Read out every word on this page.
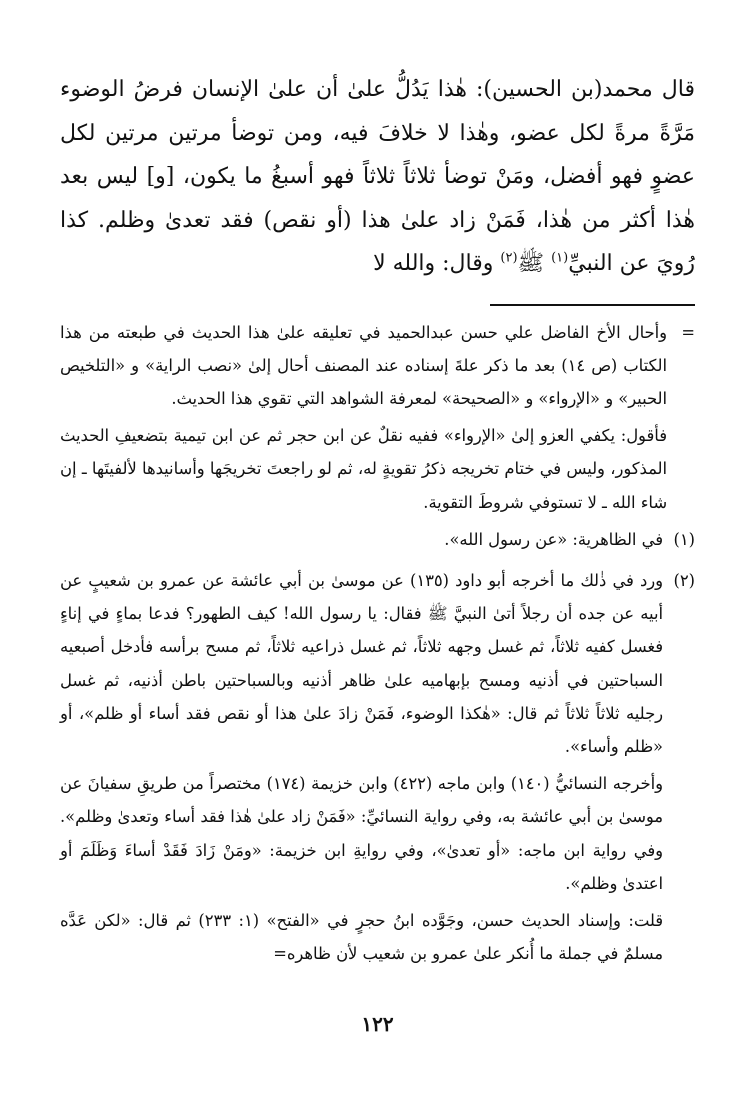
قال محمد(بن الحسين): هٰذا يَدُلُّ علىٰ أن علىٰ الإنسان فرضُ الوضوء مَرَّةً مرةً لكل عضو، وهٰذا لا خلافَ فيه، ومن توضأ مرتين مرتين لكل عضوٍ فهو أفضل، ومَنْ توضأ ثلاثاً ثلاثاً فهو أسبغُ ما يكون، [و] ليس بعد هٰذا أكثر من هٰذا، فَمَنْ زاد علىٰ هذا (أو نقص) فقد تعدىٰ وظلم. كذا رُويَ عن النبيِّ$^{(١)}$ ﷺ$^{(٢)}$ وقال: والله لا

=

وأحال الأخ الفاضل علي حسن عبدالحميد في تعليقه علىٰ هذا الحديث في طبعته من هذا الكتاب (ص ١٤) بعد ما ذكر علةَ إسناده عند المصنف أحال إلىٰ «نصب الراية» و «التلخيص الحبير» و «الإرواء» و «الصحيحة» لمعرفة الشواهد التي تقوي هذا الحديث.

فأقول: يكفي العزو إلىٰ «الإرواء» ففيه نقلٌ عن ابن حجر ثم عن ابن تيمية بتضعيفِ الحديث المذكور، وليس في ختام تخريجه ذكرُ تقويةٍ له، ثم لو راجعتَ تخريجَها وأسانيدها لألفيتَها ـ إن شاء الله ـ لا تستوفي شروطَ التقوية.

(١)

في الظاهرية: «عن رسول الله».

(٢)

ورد في ذٰلك ما أخرجه أبو داود (١٣٥) عن موسىٰ بن أبي عائشة عن عمرو بن شعيبٍ عن أبيه عن جده أن رجلاً أتىٰ النبيَّ ﷺ فقال: يا رسول الله! كيف الطهور؟ فدعا بماءٍ في إناءٍ فغسل كفيه ثلاثاً، ثم غسل وجهه ثلاثاً، ثم غسل ذراعيه ثلاثاً، ثم مسح برأسه فأدخل أصبعيه السباحتين في أذنيه ومسح بإبهاميه علىٰ ظاهر أذنيه وبالسباحتين باطن أذنيه، ثم غسل رجليه ثلاثاً ثلاثاً ثم قال: «هٰكذا الوضوء، فَمَنْ زادَ علىٰ هذا أو نقص فقد أساء أو ظلم»، أو «ظلم وأساء».

وأخرجه النسائيُّ (١٤٠) وابن ماجه (٤٢٢) وابن خزيمة (١٧٤) مختصراً من طريقِ سفيانَ عن موسىٰ بن أبي عائشة به، وفي رواية النسائيِّ: «فَمَنْ زاد علىٰ هٰذا فقد أساء وتعدىٰ وظلم». وفي رواية ابن ماجه: «أو تعدىٰ»، وفي روايةِ ابن خزيمة: «ومَنْ زَادَ فَقَدْ أساءَ وَظَلَمَ أو اعتدىٰ وظلم».

قلت: وإسناد الحديث حسن، وجَوَّده ابنُ حجرٍ في «الفتح» (١: ٢٣٣) ثم قال: «لكن عَدَّه مسلمٌ في جملة ما أُنكر علىٰ عمرو بن شعيب لأن ظاهره=

١٢٢
